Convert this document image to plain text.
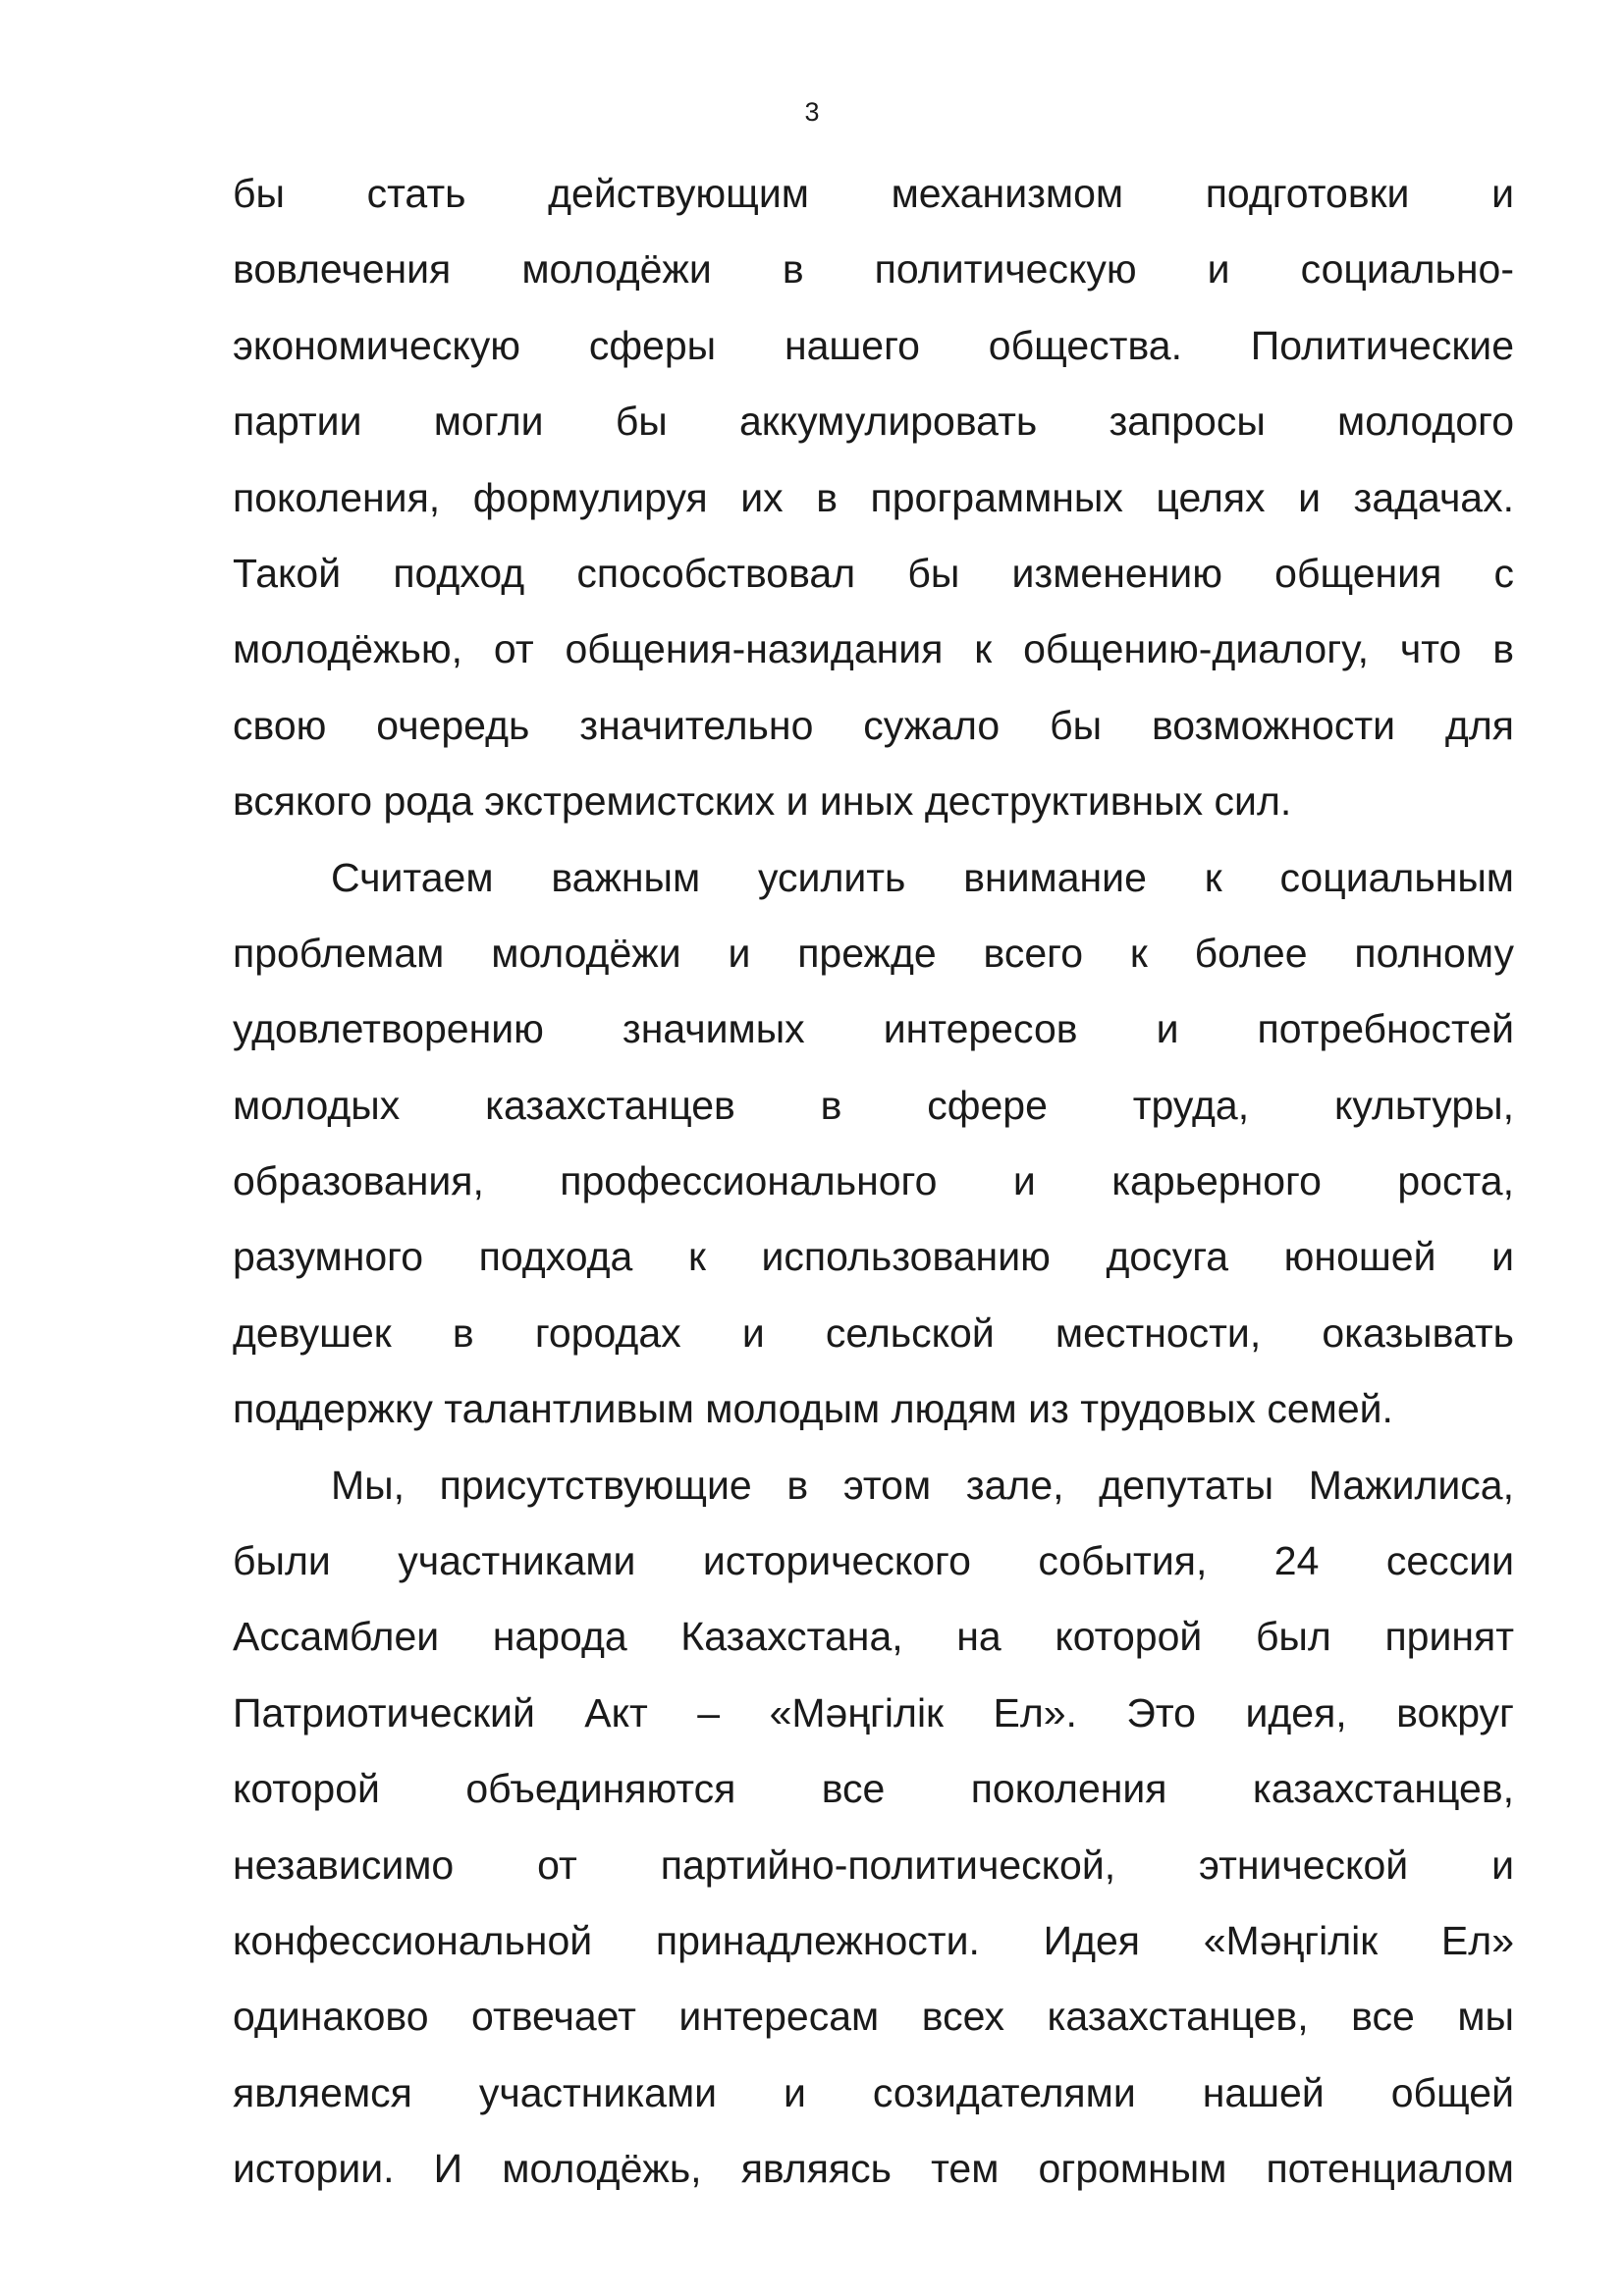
3
бы стать действующим механизмом подготовки и
вовлечения молодёжи в политическую и социально-
экономическую сферы нашего общества. Политические
партии могли бы аккумулировать запросы молодого
поколения, формулируя их в программных целях и задачах.
Такой подход способствовал бы изменению общения с
молодёжью, от общения-назидания к общению-диалогу, что в
свою очередь значительно сужало бы возможности для
всякого рода экстремистских и иных деструктивных сил.
Считаем важным усилить внимание к социальным
проблемам молодёжи и прежде всего к более полному
удовлетворению значимых интересов и потребностей
молодых казахстанцев в сфере труда, культуры,
образования, профессионального и карьерного роста,
разумного подхода к использованию досуга юношей и
девушек в городах и сельской местности, оказывать
поддержку талантливым молодым людям из трудовых семей.
Мы, присутствующие в этом зале, депутаты Мажилиса,
были участниками исторического события, 24 сессии
Ассамблеи народа Казахстана, на которой был принят
Патриотический Акт – «Мәңгілік Ел». Это идея, вокруг
которой объединяются все поколения казахстанцев,
независимо от партийно-политической, этнической и
конфессиональной принадлежности. Идея «Мәңгілік Ел»
одинаково отвечает интересам всех казахстанцев, все мы
являемся участниками и созидателями нашей общей
истории. И молодёжь, являясь тем огромным потенциалом
